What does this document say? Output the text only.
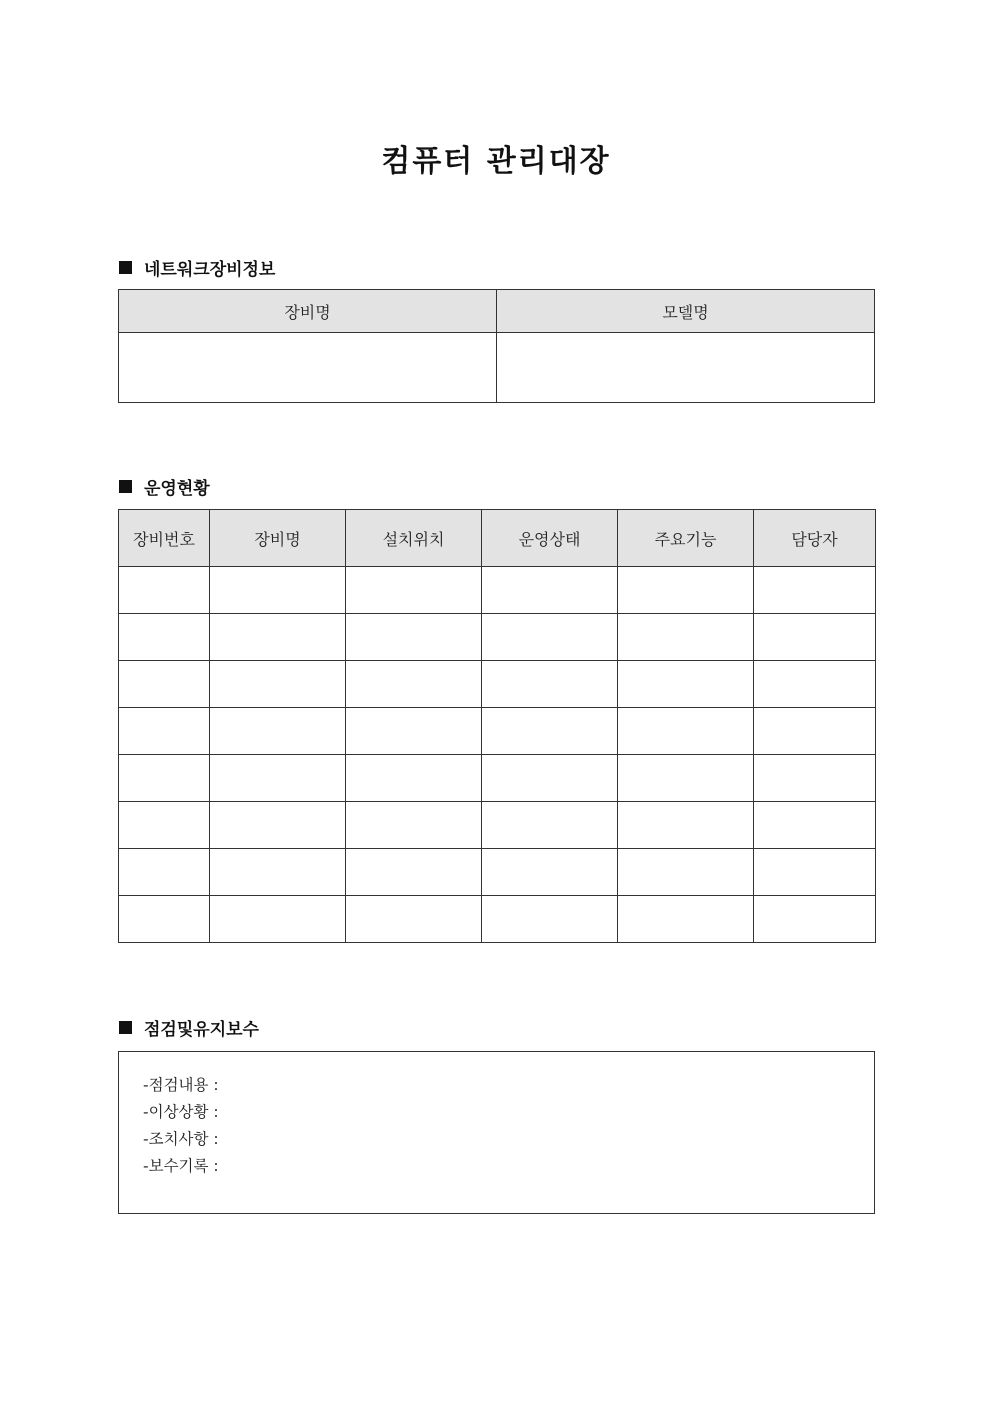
컴퓨터 관리대장
네트워크장비정보
장비명	모델명

운영현황
장비번호	장비명	설치위치	운영상태	주요기능	담당자

점검및유지보수
-점검내용 :
-이상상황 :
-조치사항 :
-보수기록 :
